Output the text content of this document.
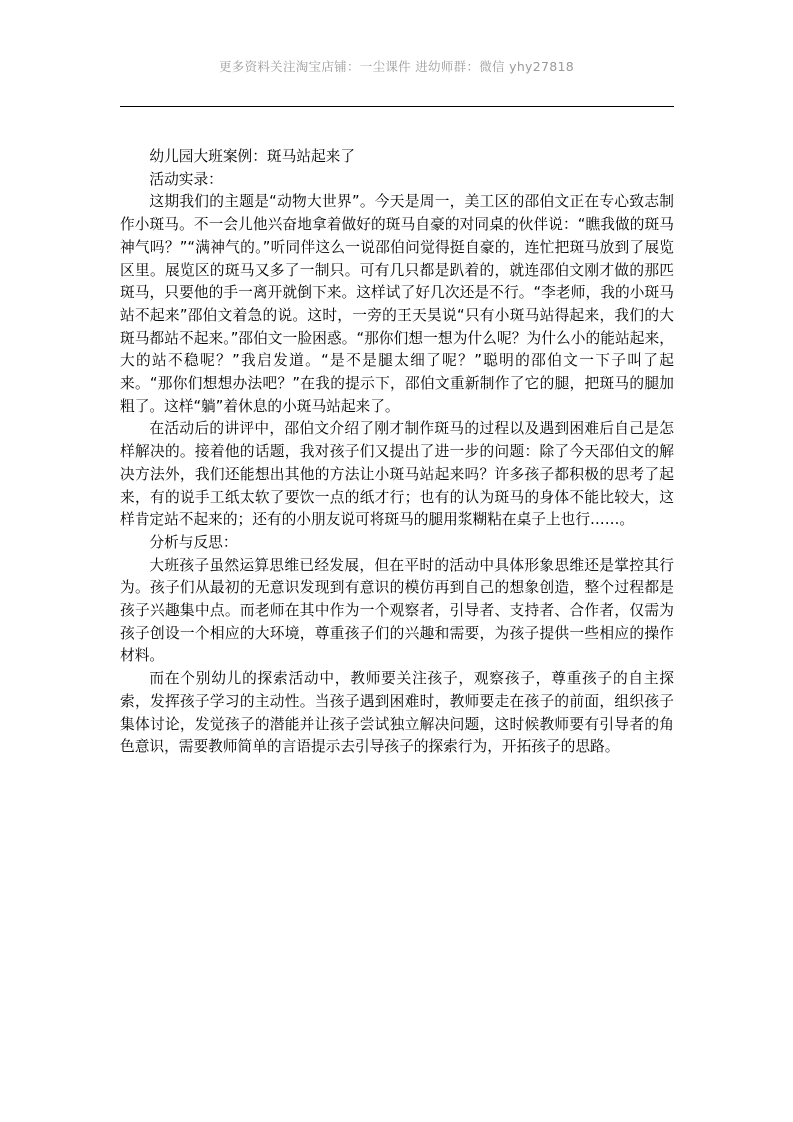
更多资料关注淘宝店铺：一尘课件 进幼师群：微信 yhy27818

幼儿园大班案例：斑马站起来了

活动实录：

这期我们的主题是“动物大世界”。今天是周一，美工区的邵伯文正在专心致志制作小斑马。不一会儿他兴奋地拿着做好的斑马自豪的对同桌的伙伴说：“瞧我做的斑马神气吗？”“满神气的。”听同伴这么一说邵伯问觉得挺自豪的，连忙把斑马放到了展览区里。展览区的斑马又多了一制只。可有几只都是趴着的，就连邵伯文刚才做的那匹斑马，只要他的手一离开就倒下来。这样试了好几次还是不行。“李老师，我的小斑马站不起来”邵伯文着急的说。这时，一旁的王天昊说“只有小斑马站得起来，我们的大斑马都站不起来。”邵伯文一脸困惑。“那你们想一想为什么呢？为什么小的能站起来，大的站不稳呢？”我启发道。“是不是腿太细了呢？”聪明的邵伯文一下子叫了起来。“那你们想想办法吧？”在我的提示下，邵伯文重新制作了它的腿，把斑马的腿加粗了。这样“躺”着休息的小斑马站起来了。

在活动后的讲评中，邵伯文介绍了刚才制作斑马的过程以及遇到困难后自己是怎样解决的。接着他的话题，我对孩子们又提出了进一步的问题：除了今天邵伯文的解决方法外，我们还能想出其他的方法让小斑马站起来吗？许多孩子都积极的思考了起来，有的说手工纸太软了要饮一点的纸才行；也有的认为斑马的身体不能比较大，这样肯定站不起来的；还有的小朋友说可将斑马的腿用浆糊粘在桌子上也行……。

分析与反思：

大班孩子虽然运算思维已经发展，但在平时的活动中具体形象思维还是掌控其行为。孩子们从最初的无意识发现到有意识的模仿再到自己的想象创造，整个过程都是孩子兴趣集中点。而老师在其中作为一个观察者，引导者、支持者、合作者，仅需为孩子创设一个相应的大环境，尊重孩子们的兴趣和需要，为孩子提供一些相应的操作材料。

而在个别幼儿的探索活动中，教师要关注孩子，观察孩子，尊重孩子的自主探索，发挥孩子学习的主动性。当孩子遇到困难时，教师要走在孩子的前面，组织孩子集体讨论，发觉孩子的潜能并让孩子尝试独立解决问题，这时候教师要有引导者的角色意识，需要教师简单的言语提示去引导孩子的探索行为，开拓孩子的思路。
